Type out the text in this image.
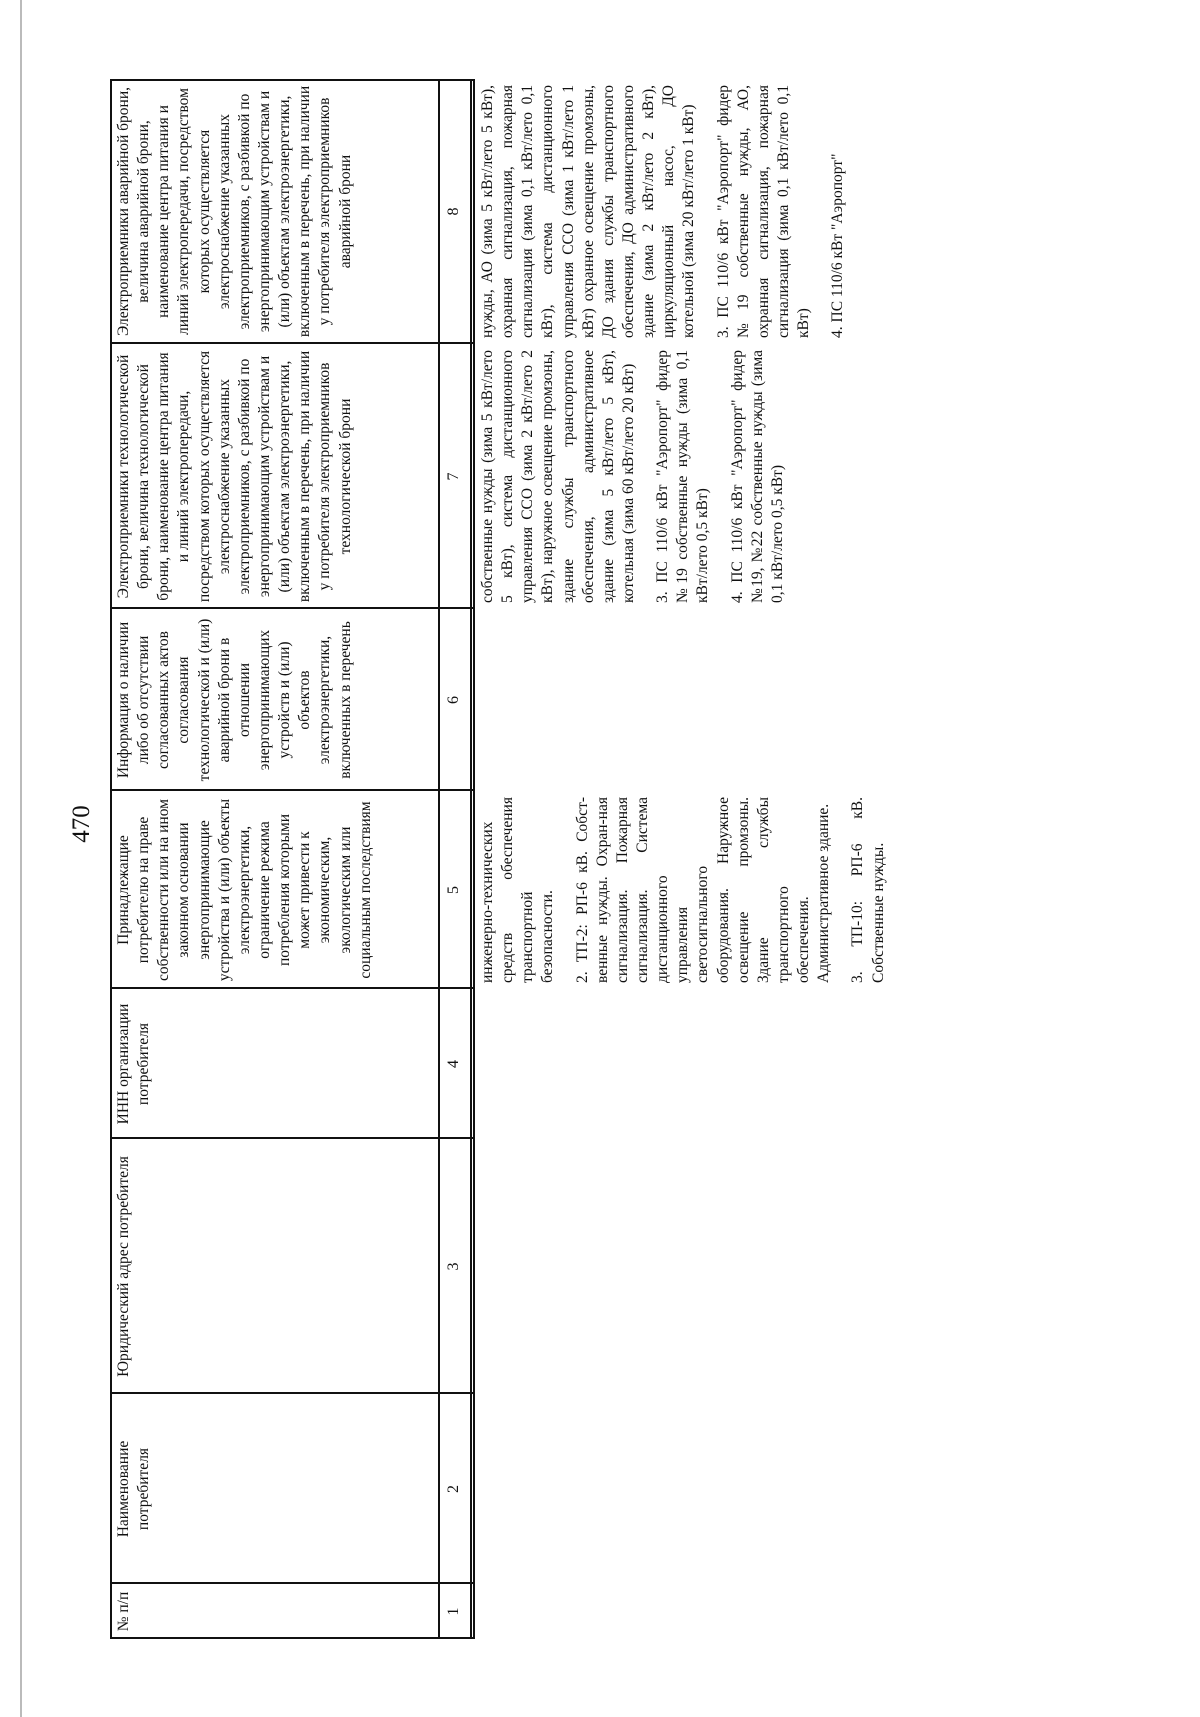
470
№ п/п
Наименование потребителя
Юридический адрес потребителя
ИНН организации потребителя
Принадлежащие потребителю на праве собственности или на ином законном основании энергопринимающие устройства и (или) объекты электроэнергетики, ограничение режима потребления которыми может привести к экономическим, экологическим или социальным последствиям
Информация о наличии либо об отсутствии согласованных актов согласования технологической и (или) аварийной брони в отношении энергопринимающих устройств и (или) объектов электроэнергетики, включенных в перечень
Электроприемники технологической брони, величина технологической брони, наименование центра питания и линий электропередачи, посредством которых осуществляется электроснабжение указанных электроприемников, с разбивкой по энергопринимающим устройствам и (или) объектам электроэнергетики, включенным в перечень, при наличии у потребителя электроприемников технологической брони
Электроприемники аварийной брони, величина аварийной брони, наименование центра питания и линий электропередачи, посредством которых осуществляется электроснабжение указанных электроприемников, с разбивкой по энергопринимающим устройствам и (или) объектам электроэнергетики, включенным в перечень, при наличии у потребителя электроприемников аварийной брони
1
2
3
4
5
6
7
8

инженерно-технических средств обеспечения транспортной безопасности. 2. ТП-2: РП-6 кВ. Собст-венные нужды. Охран-ная сигнализация. Пожарная сигнализация. Система дистанционного управления светосигнального оборудования. Наружное освещение промзоны. Здание службы транспортного обеспечения. Административное здание. 3. ТП-10: РП-6 кВ. Собственные нужды.

собственные нужды (зима 5 кВт/лето 5 кВт), система дистанционного управления ССО (зима 2 кВт/лето 2 кВт), наружное освещение промзоны, здание службы транспортного обеспечения, административное здание (зима 5 кВт/лето 5 кВт), котельная (зима 60 кВт/лето 20 кВт) 3. ПС 110/6 кВт "Аэропорт" фидер №19 собственные нужды (зима 0,1 кВт/лето 0,5 кВт) 4. ПС 110/6 кВт "Аэропорт" фидер №19, №22 собственные нужды (зима 0,1 кВт/лето 0,5 кВт)

нужды, АО (зима 5 кВт/лето 5 кВт), охранная сигнализация, пожарная сигнализация (зима 0,1 кВт/лето 0,1 кВт), система дистанционного управления ССО (зима 1 кВт/лето 1 кВт) охранное освещение промзоны, ДО здания службы транспортного обеспечения, ДО административного здание (зима 2 кВт/лето 2 кВт), циркуляционный насос, ДО котельной (зима 20 кВт/лето 1 кВт) 3. ПС 110/6 кВт "Аэропорт" фидер №19 собственные нужды, АО, охранная сигнализация, пожарная сигнализация (зима 0,1 кВт/лето 0,1 кВт) 4. ПС 110/6 кВт "Аэропорт"
